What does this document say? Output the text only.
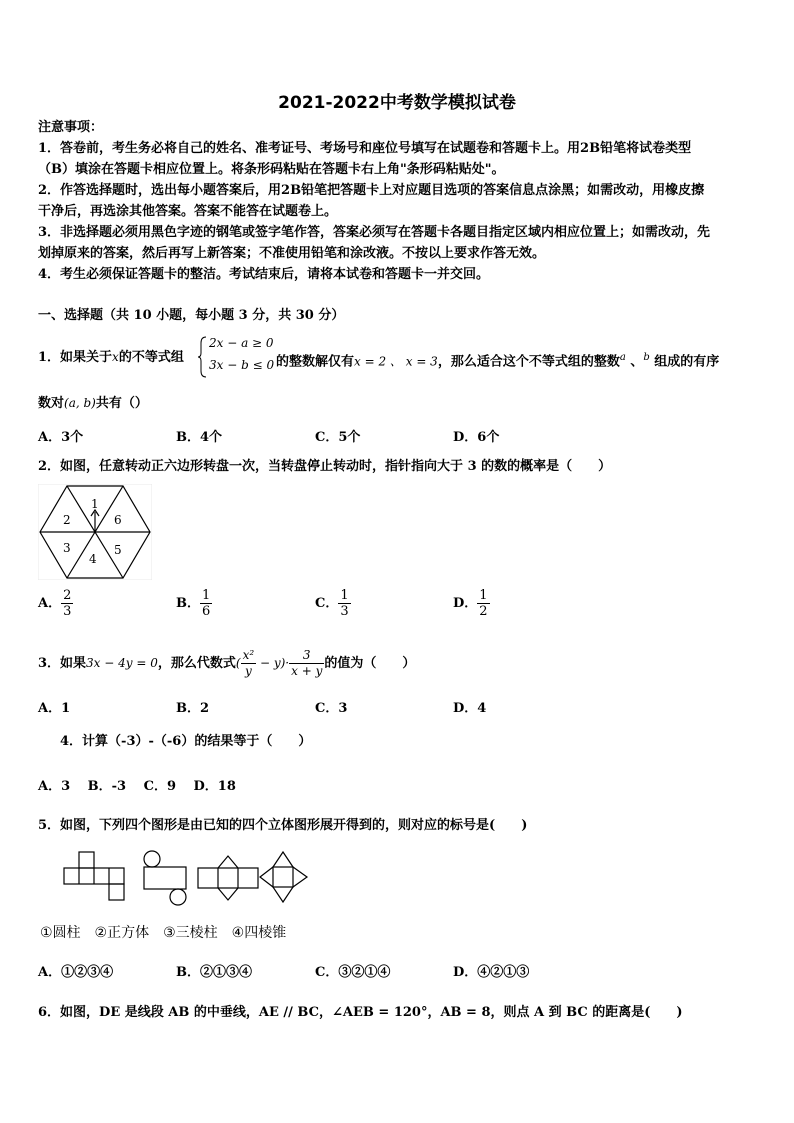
2021-2022中考数学模拟试卷
注意事项：
1．答卷前，考生务必将自己的姓名、准考证号、考场号和座位号填写在试题卷和答题卡上。用2B铅笔将试卷类型
（B）填涂在答题卡相应位置上。将条形码粘贴在答题卡右上角"条形码粘贴处"。
2．作答选择题时，选出每小题答案后，用2B铅笔把答题卡上对应题目选项的答案信息点涂黑；如需改动，用橡皮擦
干净后，再选涂其他答案。答案不能答在试题卷上。
3．非选择题必须用黑色字迹的钢笔或签字笔作答，答案必须写在答题卡各题目指定区域内相应位置上；如需改动，先
划掉原来的答案，然后再写上新答案；不准使用铅笔和涂改液。不按以上要求作答无效。
4．考生必须保证答题卡的整洁。考试结束后，请将本试卷和答题卡一并交回。
一、选择题（共 10 小题，每小题 3 分，共 30 分）
1．如果关于x的不等式组
2x − a ≥ 0
3x − b ≤ 0 的整数解仅有x = 2 、 x = 3，那么适合这个不等式组的整数$^a$ 、$^b$ 组成的有序
数对(a, b)共有（）
A．3个	B．4个	C．5个	D．6个
2．如图，任意转动正六边形转盘一次，当转盘停止转动时，指针指向大于 3 的数的概率是（　　）
1
6
5
4
3
2
A． $\frac{2}{3}$	B． $\frac{1}{6}$	C． $\frac{1}{3}$	D． $\frac{1}{2}$
3．如果3x − 4y = 0，那么代数式( $\frac{\text{x²}}{y} - y)\cdot \frac{3}{x + y}$ 的值为（　　）
A．1	B．2	C．3	D．4
4．计算（-3）-（-6）的结果等于（　　）
A．3　 B．-3　 C．9　 D．18
5．如图，下列四个图形是由已知的四个立体图形展开得到的，则对应的标号是(　　)
①圆柱　②正方体　③三棱柱　④四棱锥
A．①②③④	B．②①③④	C．③②①④	D．④②①③
6．如图，DE 是线段 AB 的中垂线，AE // BC，∠AEB = 120°，AB = 8，则点 A 到 BC 的距离是(　　)
